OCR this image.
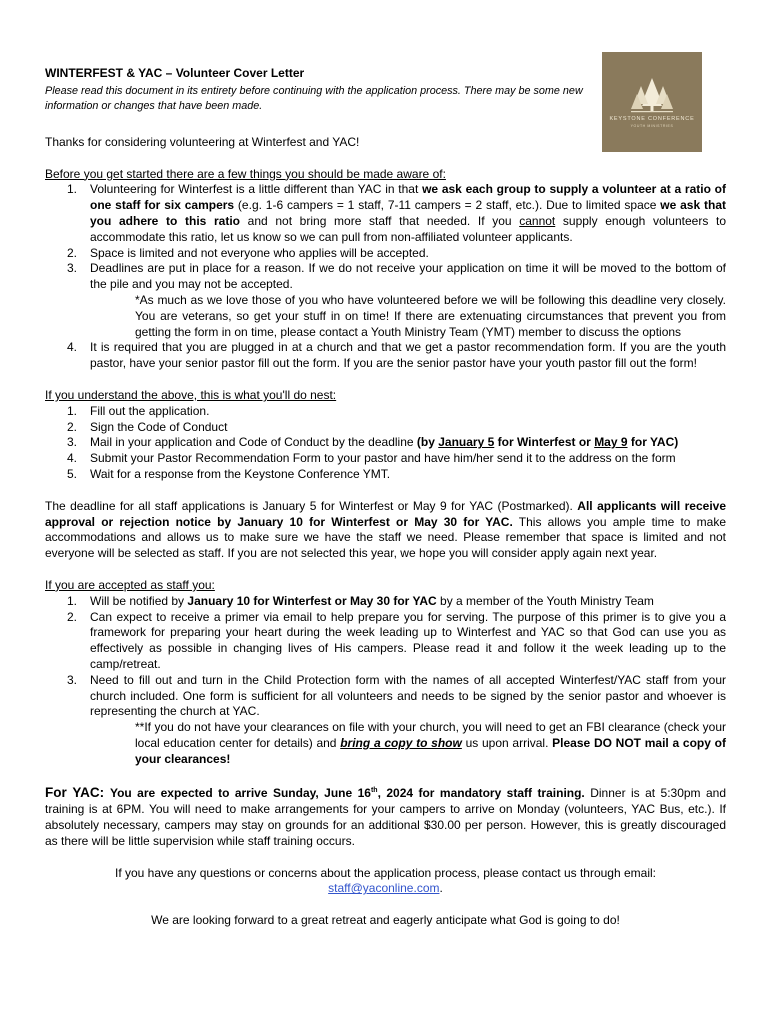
KEYSTONE CONFERENCE
YOUTH MINISTRIES

WINTERFEST & YAC – Volunteer Cover Letter

Please read this document in its entirety before continuing with the application process. There may be some new information or changes that have been made.

Thanks for considering volunteering at Winterfest and YAC!

Before you get started there are a few things you should be made aware of:

1. Volunteering for Winterfest is a little different than YAC in that we ask each group to supply a volunteer at a ratio of one staff for six campers (e.g. 1-6 campers = 1 staff, 7-11 campers = 2 staff, etc.). Due to limited space we ask that you adhere to this ratio and not bring more staff that needed. If you cannot supply enough volunteers to accommodate this ratio, let us know so we can pull from non-affiliated volunteer applicants.
2. Space is limited and not everyone who applies will be accepted.
3. Deadlines are put in place for a reason. If we do not receive your application on time it will be moved to the bottom of the pile and you may not be accepted.

*As much as we love those of you who have volunteered before we will be following this deadline very closely. You are veterans, so get your stuff in on time! If there are extenuating circumstances that prevent you from getting the form in on time, please contact a Youth Ministry Team (YMT) member to discuss the options

4. It is required that you are plugged in at a church and that we get a pastor recommendation form. If you are the youth pastor, have your senior pastor fill out the form. If you are the senior pastor have your youth pastor fill out the form!

If you understand the above, this is what you'll do nest:

1. Fill out the application.
2. Sign the Code of Conduct
3. Mail in your application and Code of Conduct by the deadline (by January 5 for Winterfest or May 9 for YAC)
4. Submit your Pastor Recommendation Form to your pastor and have him/her send it to the address on the form
5. Wait for a response from the Keystone Conference YMT.

The deadline for all staff applications is January 5 for Winterfest or May 9 for YAC (Postmarked). All applicants will receive approval or rejection notice by January 10 for Winterfest or May 30 for YAC. This allows you ample time to make accommodations and allows us to make sure we have the staff we need. Please remember that space is limited and not everyone will be selected as staff. If you are not selected this year, we hope you will consider apply again next year.

If you are accepted as staff you:

1. Will be notified by January 10 for Winterfest or May 30 for YAC by a member of the Youth Ministry Team
2. Can expect to receive a primer via email to help prepare you for serving. The purpose of this primer is to give you a framework for preparing your heart during the week leading up to Winterfest and YAC so that God can use you as effectively as possible in changing lives of His campers. Please read it and follow it the week leading up to the camp/retreat.
3. Need to fill out and turn in the Child Protection form with the names of all accepted Winterfest/YAC staff from your church included. One form is sufficient for all volunteers and needs to be signed by the senior pastor and whoever is representing the church at YAC.

**If you do not have your clearances on file with your church, you will need to get an FBI clearance (check your local education center for details) and bring a copy to show us upon arrival. Please DO NOT mail a copy of your clearances!

For YAC: You are expected to arrive Sunday, June 16th, 2024 for mandatory staff training. Dinner is at 5:30pm and training is at 6PM. You will need to make arrangements for your campers to arrive on Monday (volunteers, YAC Bus, etc.). If absolutely necessary, campers may stay on grounds for an additional $30.00 per person. However, this is greatly discouraged as there will be little supervision while staff training occurs.

If you have any questions or concerns about the application process, please contact us through email:

staff@yaconline.com.

We are looking forward to a great retreat and eagerly anticipate what God is going to do!
